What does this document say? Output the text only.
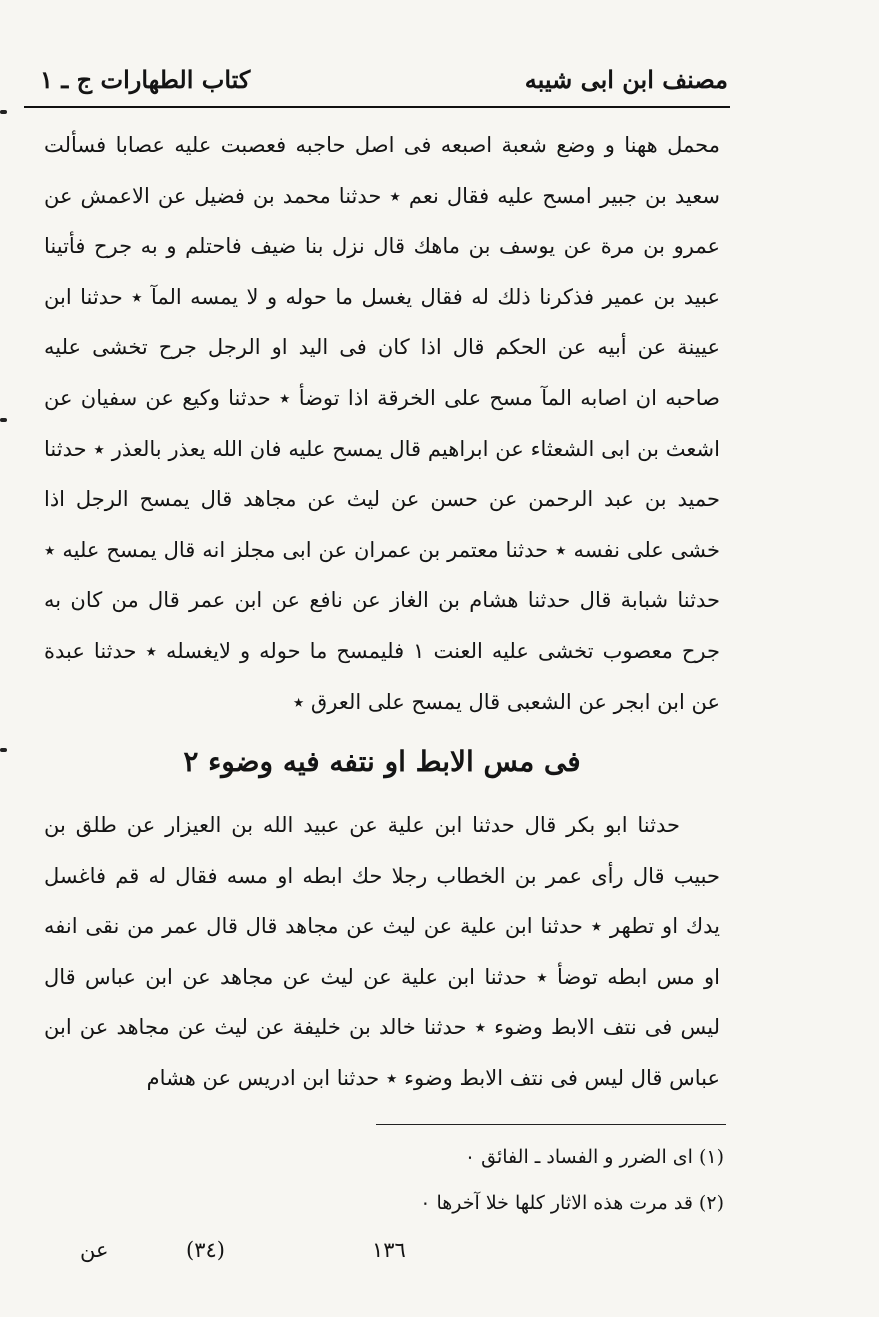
مصنف ابن ابى شيبه
كتاب الطهارات ج ـ ١

محمل ههنا و وضع شعبة اصبعه فى اصل حاجبه فعصبت عليه عصابا فسألت سعيد بن جبير امسح عليه فقال نعم ٭ حدثنا محمد بن فضيل عن الاعمش عن عمرو بن مرة عن يوسف بن ماهك قال نزل بنا ضيف فاحتلم و به جرح فأتينا عبيد بن عمير فذكرنا ذلك له فقال يغسل ما حوله و لا يمسه المآ ٭ حدثنا ابن عيينة عن أبيه عن الحكم قال اذا كان فى اليد او الرجل جرح تخشى عليه صاحبه ان اصابه المآ مسح على الخرقة اذا توضأ ٭ حدثنا وكيع عن سفيان عن اشعث بن ابى الشعثاء عن ابراهيم قال يمسح عليه فان الله يعذر بالعذر ٭ حدثنا حميد بن عبد الرحمن عن حسن عن ليث عن مجاهد قال يمسح الرجل اذا خشى على نفسه ٭ حدثنا معتمر بن عمران عن ابى مجلز انه قال يمسح عليه ٭ حدثنا شبابة قال حدثنا هشام بن الغاز عن نافع عن ابن عمر قال من كان به جرح معصوب تخشى عليه العنت ١ فليمسح ما حوله و لايغسله ٭ حدثنا عبدة عن ابن ابجر عن الشعبى قال يمسح على العرق ٭

فى مس الابط او نتفه فيه وضوء ٢

حدثنا ابو بكر قال حدثنا ابن علية عن عبيد الله بن العيزار عن طلق بن حبيب قال رأى عمر بن الخطاب رجلا حك ابطه او مسه فقال له قم فاغسل يدك او تطهر ٭ حدثنا ابن علية عن ليث عن مجاهد قال قال عمر من نقى انفه او مس ابطه توضأ ٭ حدثنا ابن علية عن ليث عن مجاهد عن ابن عباس قال ليس فى نتف الابط وضوء ٭ حدثنا خالد بن خليفة عن ليث عن مجاهد عن ابن عباس قال ليس فى نتف الابط وضوء ٭ حدثنا ابن ادريس عن هشام

(١) اى الضرر و الفساد ـ الفائق ٠
(٢) قد مرت هذه الاثار كلها خلا آخرها ٠
١٣٦
(٣٤)
عن
